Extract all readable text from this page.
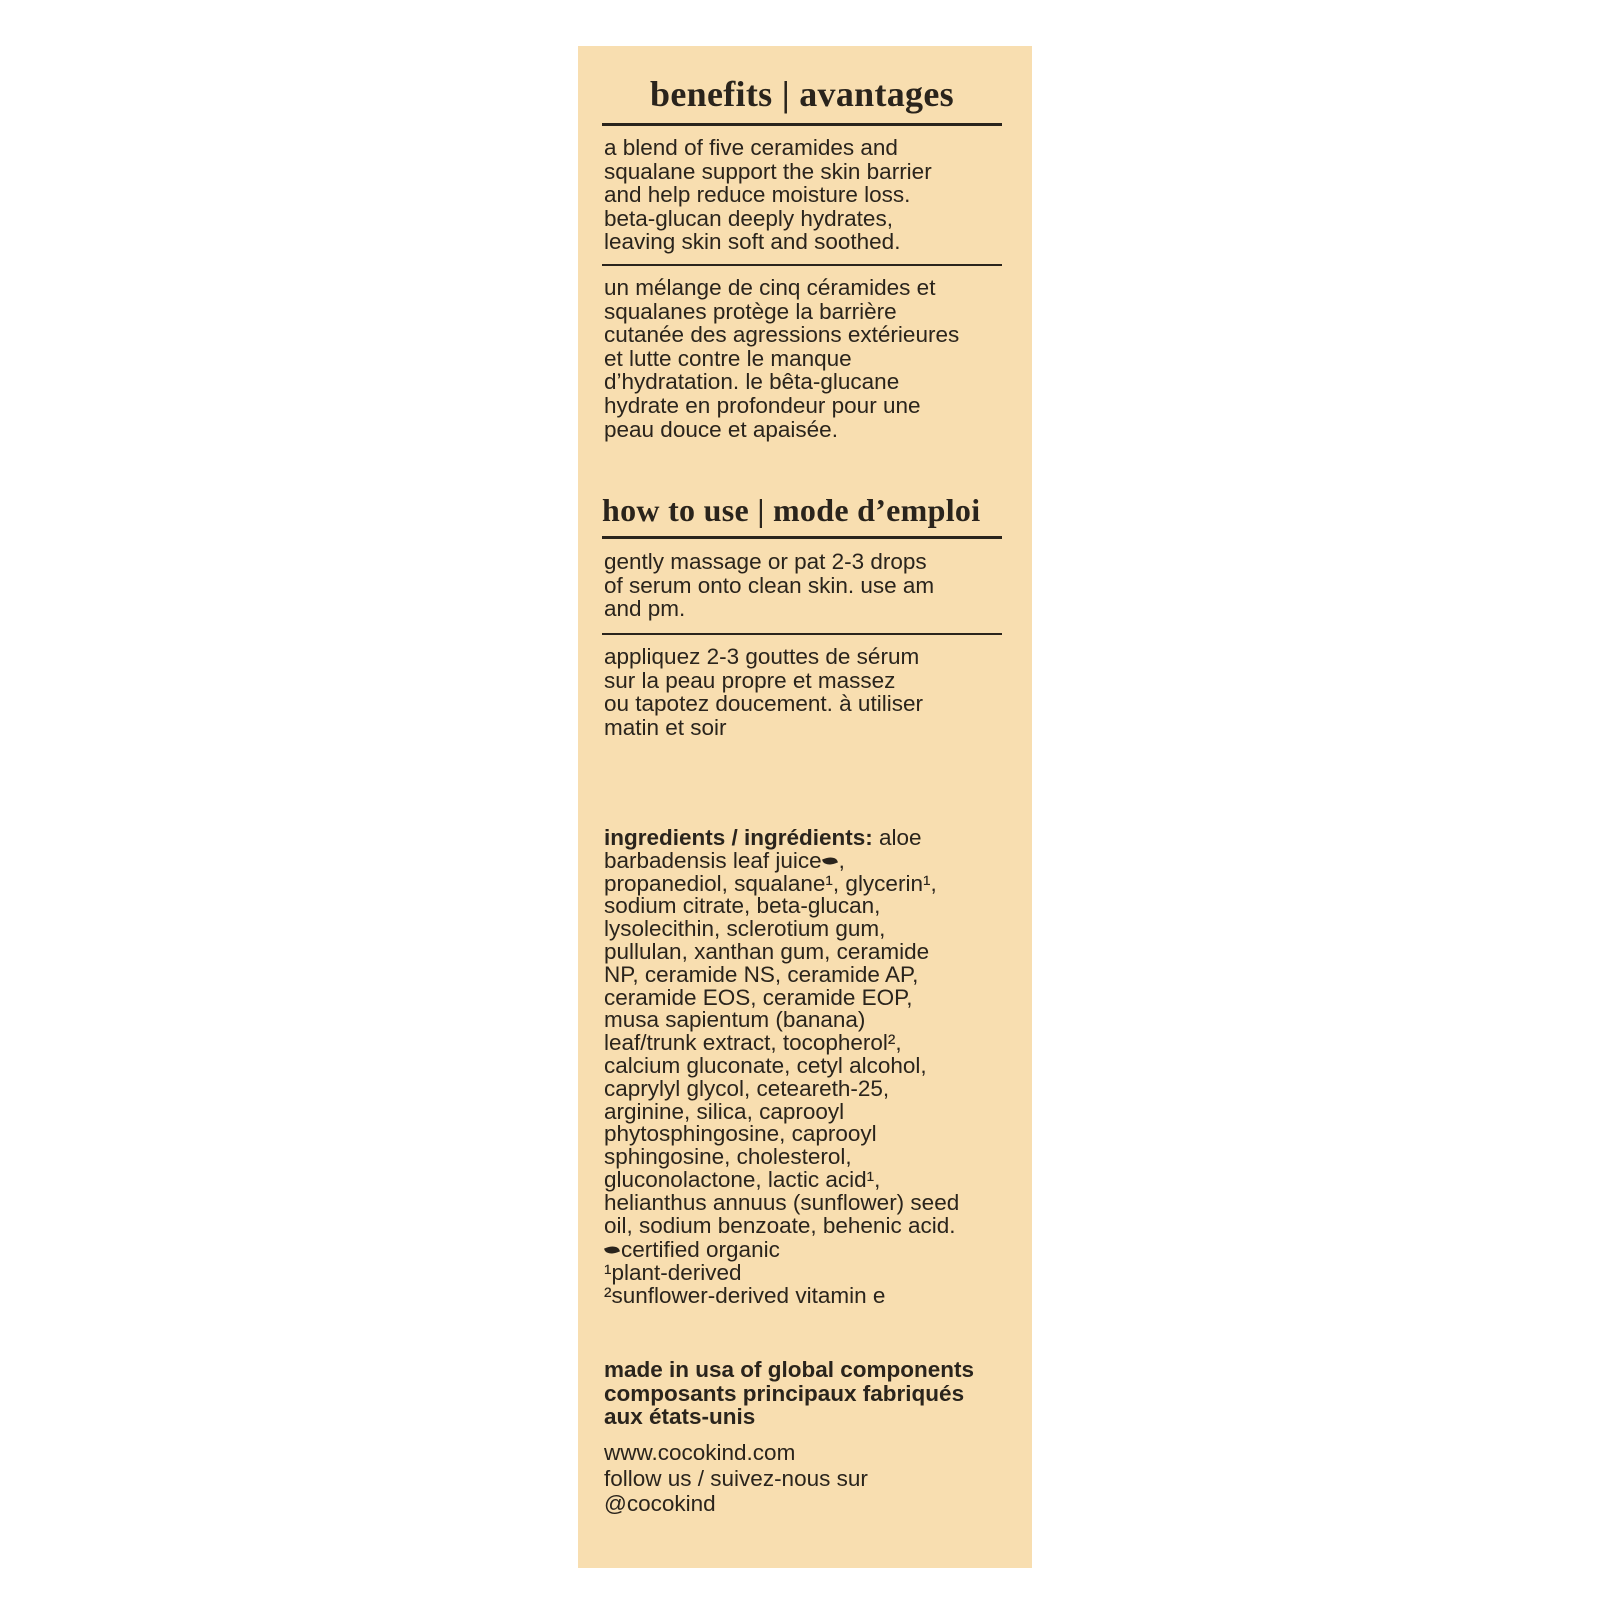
benefits | avantages

a blend of five ceramides and
squalane support the skin barrier
and help reduce moisture loss.
beta-glucan deeply hydrates,
leaving skin soft and soothed.

un mélange de cinq céramides et
squalanes protège la barrière
cutanée des agressions extérieures
et lutte contre le manque
d’hydratation. le bêta-glucane
hydrate en profondeur pour une
peau douce et apaisée.

how to use | mode d’emploi

gently massage or pat 2-3 drops
of serum onto clean skin. use am
and pm.

appliquez 2-3 gouttes de sérum
sur la peau propre et massez
ou tapotez doucement. à utiliser
matin et soir

ingredients / ingrédients: aloe
barbadensis leaf juice ,
propanediol, squalane¹, glycerin¹,
sodium citrate, beta-glucan,
lysolecithin, sclerotium gum,
pullulan, xanthan gum, ceramide
NP, ceramide NS, ceramide AP,
ceramide EOS, ceramide EOP,
musa sapientum (banana)
leaf/trunk extract, tocopherol²,
calcium gluconate, cetyl alcohol,
caprylyl glycol, ceteareth-25,
arginine, silica, caprooyl
phytosphingosine, caprooyl
sphingosine, cholesterol,
gluconolactone, lactic acid¹,
helianthus annuus (sunflower) seed
oil, sodium benzoate, behenic acid.
certified organic
¹plant-derived
²sunflower-derived vitamin e
made in usa of global components
composants principaux fabriqués
aux états-unis
www.cocokind.com
follow us / suivez-nous sur
@cocokind
